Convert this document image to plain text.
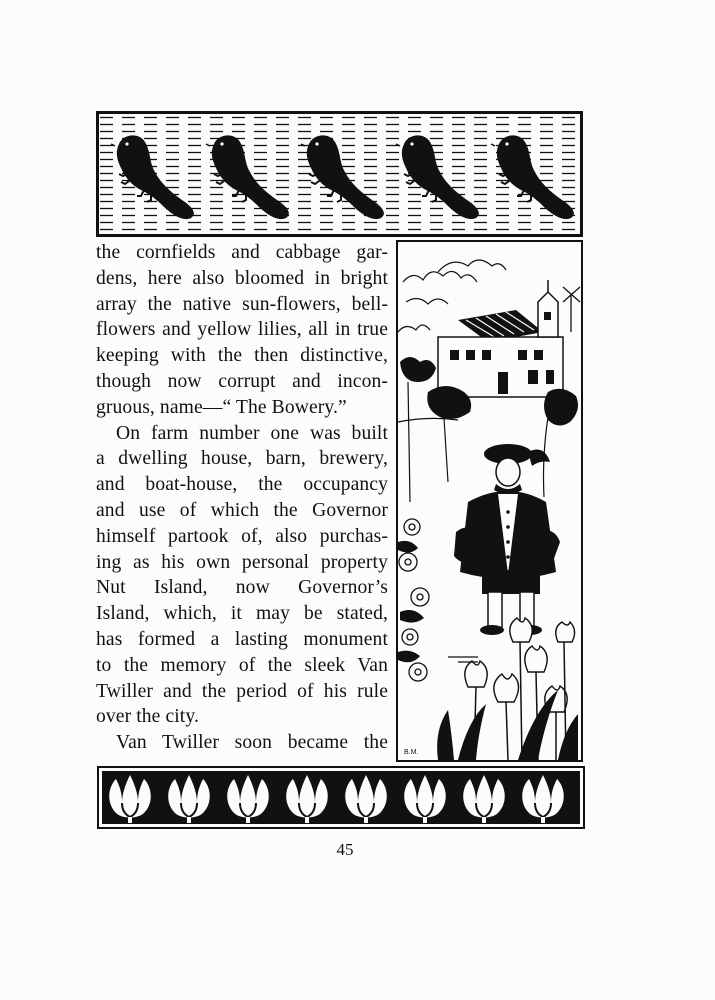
the cornfields and cabbage gar-
dens, here also bloomed in bright
array the native sun-flowers, bell-
flowers and yellow lilies, all in true
keeping with the then distinctive,
though now corrupt and incon-
gruous, name—“ The Bowery.”
On farm number one was built
a dwelling house, barn, brewery,
and boat-house, the occupancy
and use of which the Governor
himself partook of, also purchas-
ing as his own personal property
Nut Island, now Governor’s
Island, which, it may be stated,
has formed a lasting monument
to the memory of the sleek Van
Twiller and the period of his rule
over the city.
Van Twiller soon became the B.M.
45
